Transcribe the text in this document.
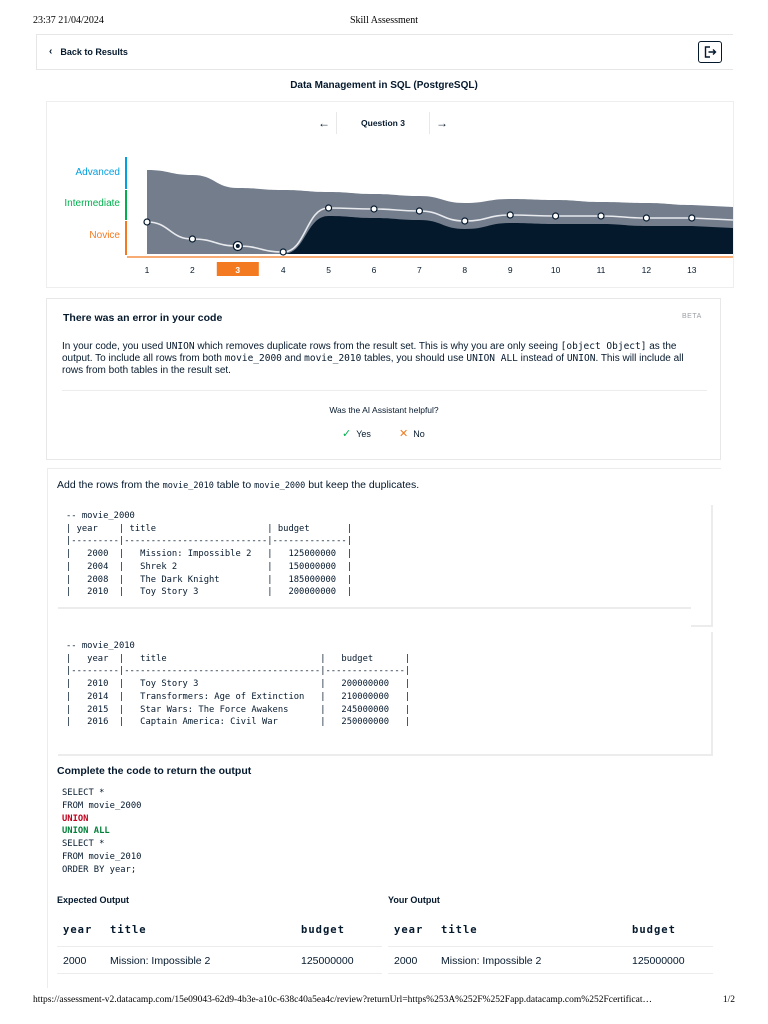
23:37 21/04/2024	Skill Assessment
‹ Back to Results
Data Management in SQL (PostgreSQL)
←	Question 3	→
Advanced
Intermediate
Novice
1	2	3	4	5	6	7	8	9	10	11	12	13
There was an error in your code	BETA
In your code, you used UNION which removes duplicate rows from the result set. This is why you are only seeing [object Object] as the output. To include all rows from both movie_2000 and movie_2010 tables, you should use UNION ALL instead of UNION. This will include all rows from both tables in the result set.
Was the AI Assistant helpful?
✓ Yes	✕ No
Add the rows from the movie_2010 table to movie_2000 but keep the duplicates.
-- movie_2000
| year    | title                     | budget       |
|---------|---------------------------|--------------|
|   2000  |   Mission: Impossible 2   |   125000000  |
|   2004  |   Shrek 2                 |   150000000  |
|   2008  |   The Dark Knight         |   185000000  |
|   2010  |   Toy Story 3             |   200000000  |
-- movie_2010
|   year  |   title                             |   budget      |
|---------|-------------------------------------|---------------|
|   2010  |   Toy Story 3                       |   200000000   |
|   2014  |   Transformers: Age of Extinction   |   210000000   |
|   2015  |   Star Wars: The Force Awakens      |   245000000   |
|   2016  |   Captain America: Civil War        |   250000000   |
Complete the code to return the output
SELECT *
FROM movie_2000
UNION
UNION ALL
SELECT *
FROM movie_2010
ORDER BY year;
Expected Output	Your Output
year title	budget
2000 Mission: Impossible 2	125000000
year title	budget
2000 Mission: Impossible 2	125000000
https://assessment-v2.datacamp.com/15e09043-62d9-4b3e-a10c-638c40a5ea4c/review?returnUrl=https%253A%252F%252Fapp.datacamp.com%252Fcertificat…	1/2
